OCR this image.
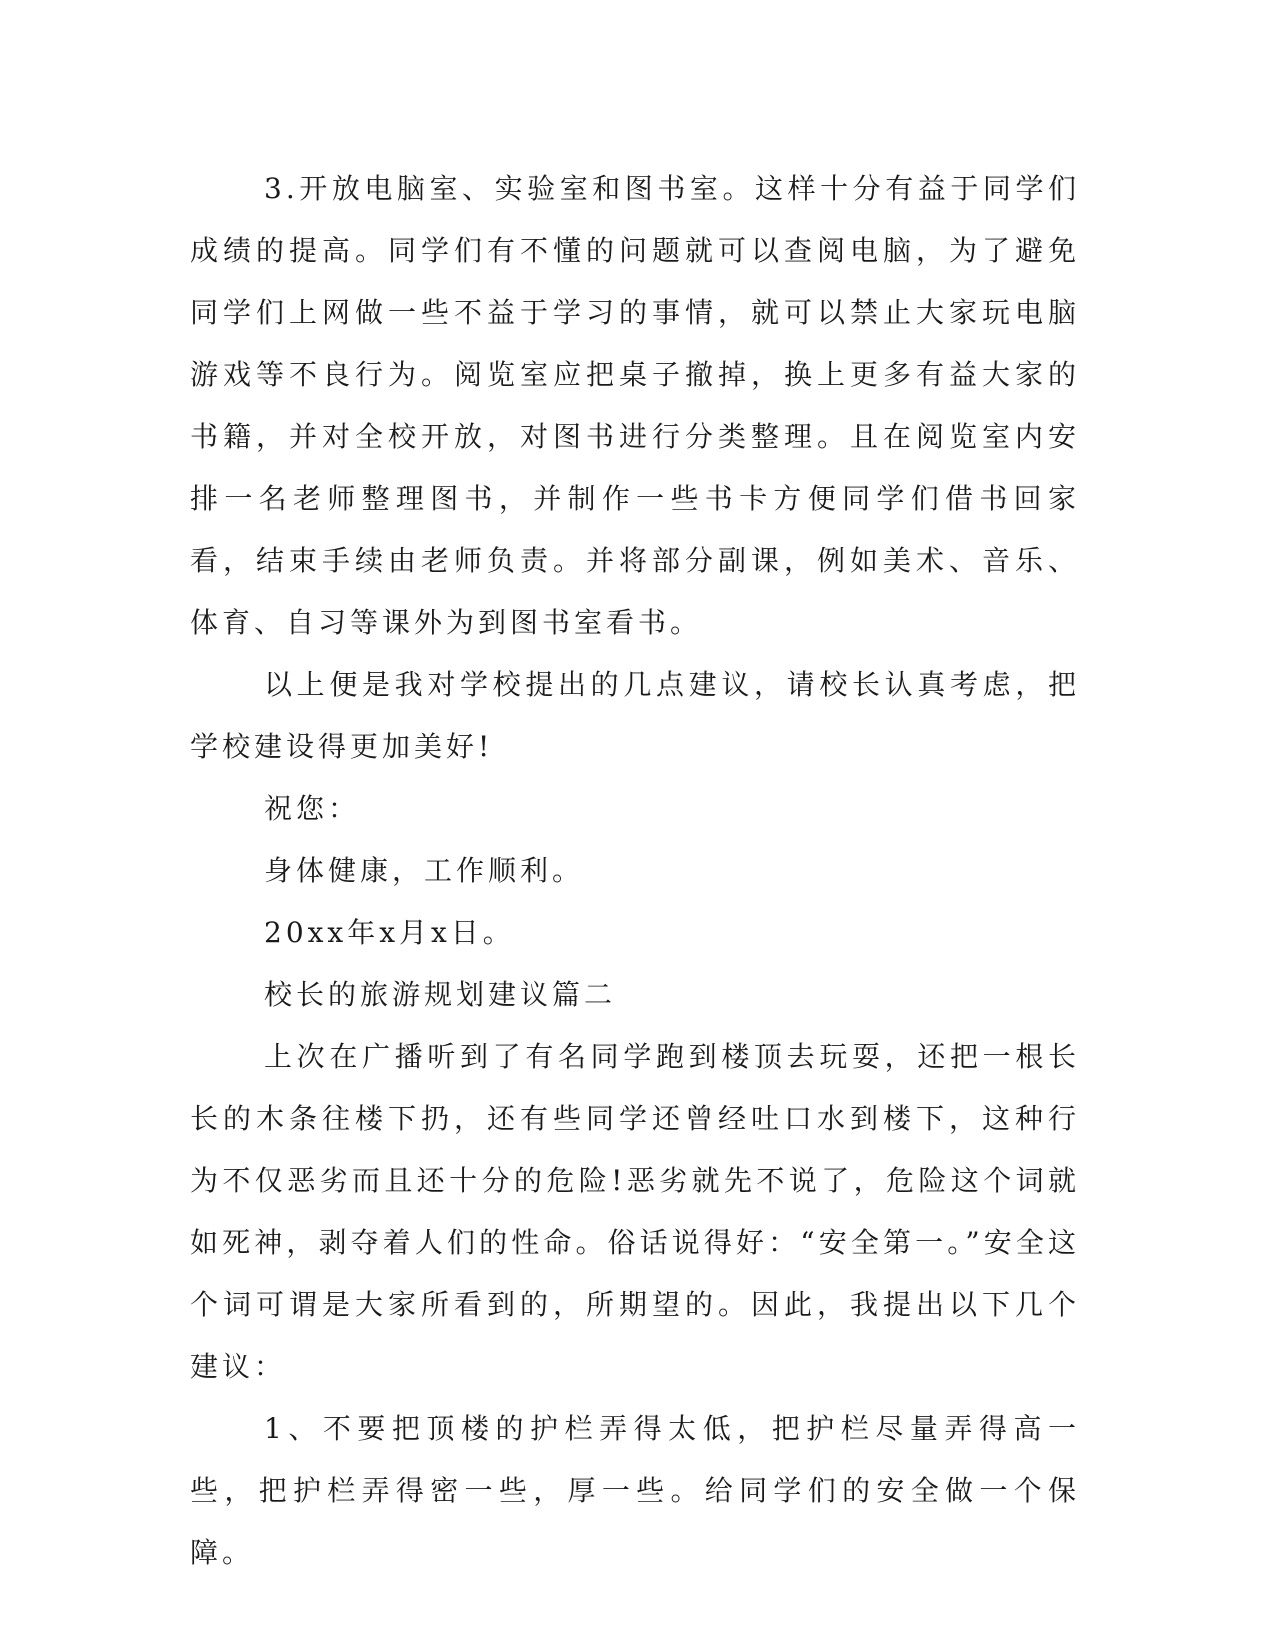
3.开放电脑室、实验室和图书室。这样十分有益于同学们成绩的提高。同学们有不懂的问题就可以查阅电脑，为了避免同学们上网做一些不益于学习的事情，就可以禁止大家玩电脑游戏等不良行为。阅览室应把桌子撤掉，换上更多有益大家的书籍，并对全校开放，对图书进行分类整理。且在阅览室内安排一名老师整理图书，并制作一些书卡方便同学们借书回家看，结束手续由老师负责。并将部分副课，例如美术、音乐、体育、自习等课外为到图书室看书。

以上便是我对学校提出的几点建议，请校长认真考虑，把学校建设得更加美好!

祝您：

身体健康，工作顺利。

20xx年x月x日。

校长的旅游规划建议篇二

上次在广播听到了有名同学跑到楼顶去玩耍，还把一根长长的木条往楼下扔，还有些同学还曾经吐口水到楼下，这种行为不仅恶劣而且还十分的危险!恶劣就先不说了，危险这个词就如死神，剥夺着人们的性命。俗话说得好：“安全第一。”安全这个词可谓是大家所看到的，所期望的。因此，我提出以下几个建议：

1、不要把顶楼的护栏弄得太低，把护栏尽量弄得高一些，把护栏弄得密一些，厚一些。给同学们的安全做一个保障。
